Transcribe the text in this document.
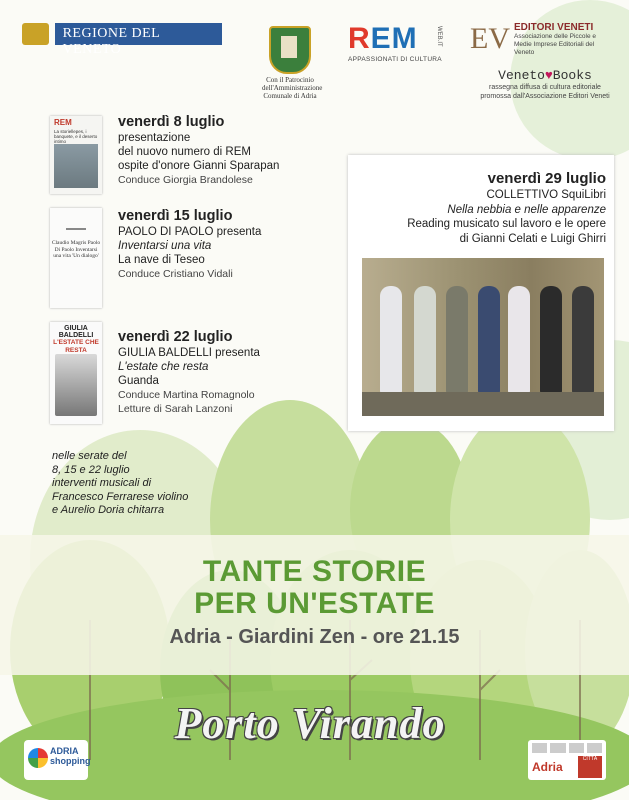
REGIONE DEL VENETO
Con il Patrocinio dell'Amministrazione Comunale di Adria
REM	WEB.IT
APPASSIONATI DI CULTURA
EV EDITORI VENETI
Associazione delle Piccole e Medie Imprese Editoriali del Veneto
Veneto♥Books
rassegna diffusa di cultura editoriale promossa dall'Associazione Editori Veneti
REM
La storiellepes, i banquete, e il deserto intimo
venerdì 8 luglio
presentazione
del nuovo numero di REM
ospite d'onore Gianni Sparapan
Conduce Giorgia Brandolese
Claudio Magris Paolo Di Paolo Inventarsi una vita 'Un dialogo'
venerdì 15 luglio
PAOLO DI PAOLO presenta
Inventarsi una vita
La nave di Teseo
Conduce Cristiano Vidali
GIULIA BALDELLI
L'ESTATE CHE RESTA
venerdì 22 luglio
GIULIA BALDELLI presenta
L'estate che resta
Guanda
Conduce Martina Romagnolo
Letture di Sarah Lanzoni
venerdì 29 luglio
COLLETTIVO SquiLibri
Nella nebbia e nelle apparenze
Reading musicato sul lavoro e le opere
di Gianni Celati e Luigi Ghirri
nelle serate del
8, 15 e 22 luglio
interventi musicali di
Francesco Ferrarese violino
e Aurelio Doria chitarra
TANTE STORIE
PER UN'ESTATE
Adria - Giardini Zen - ore 21.15
Porto Virando
ADRIA
shopping	Adria
CITTÀ
